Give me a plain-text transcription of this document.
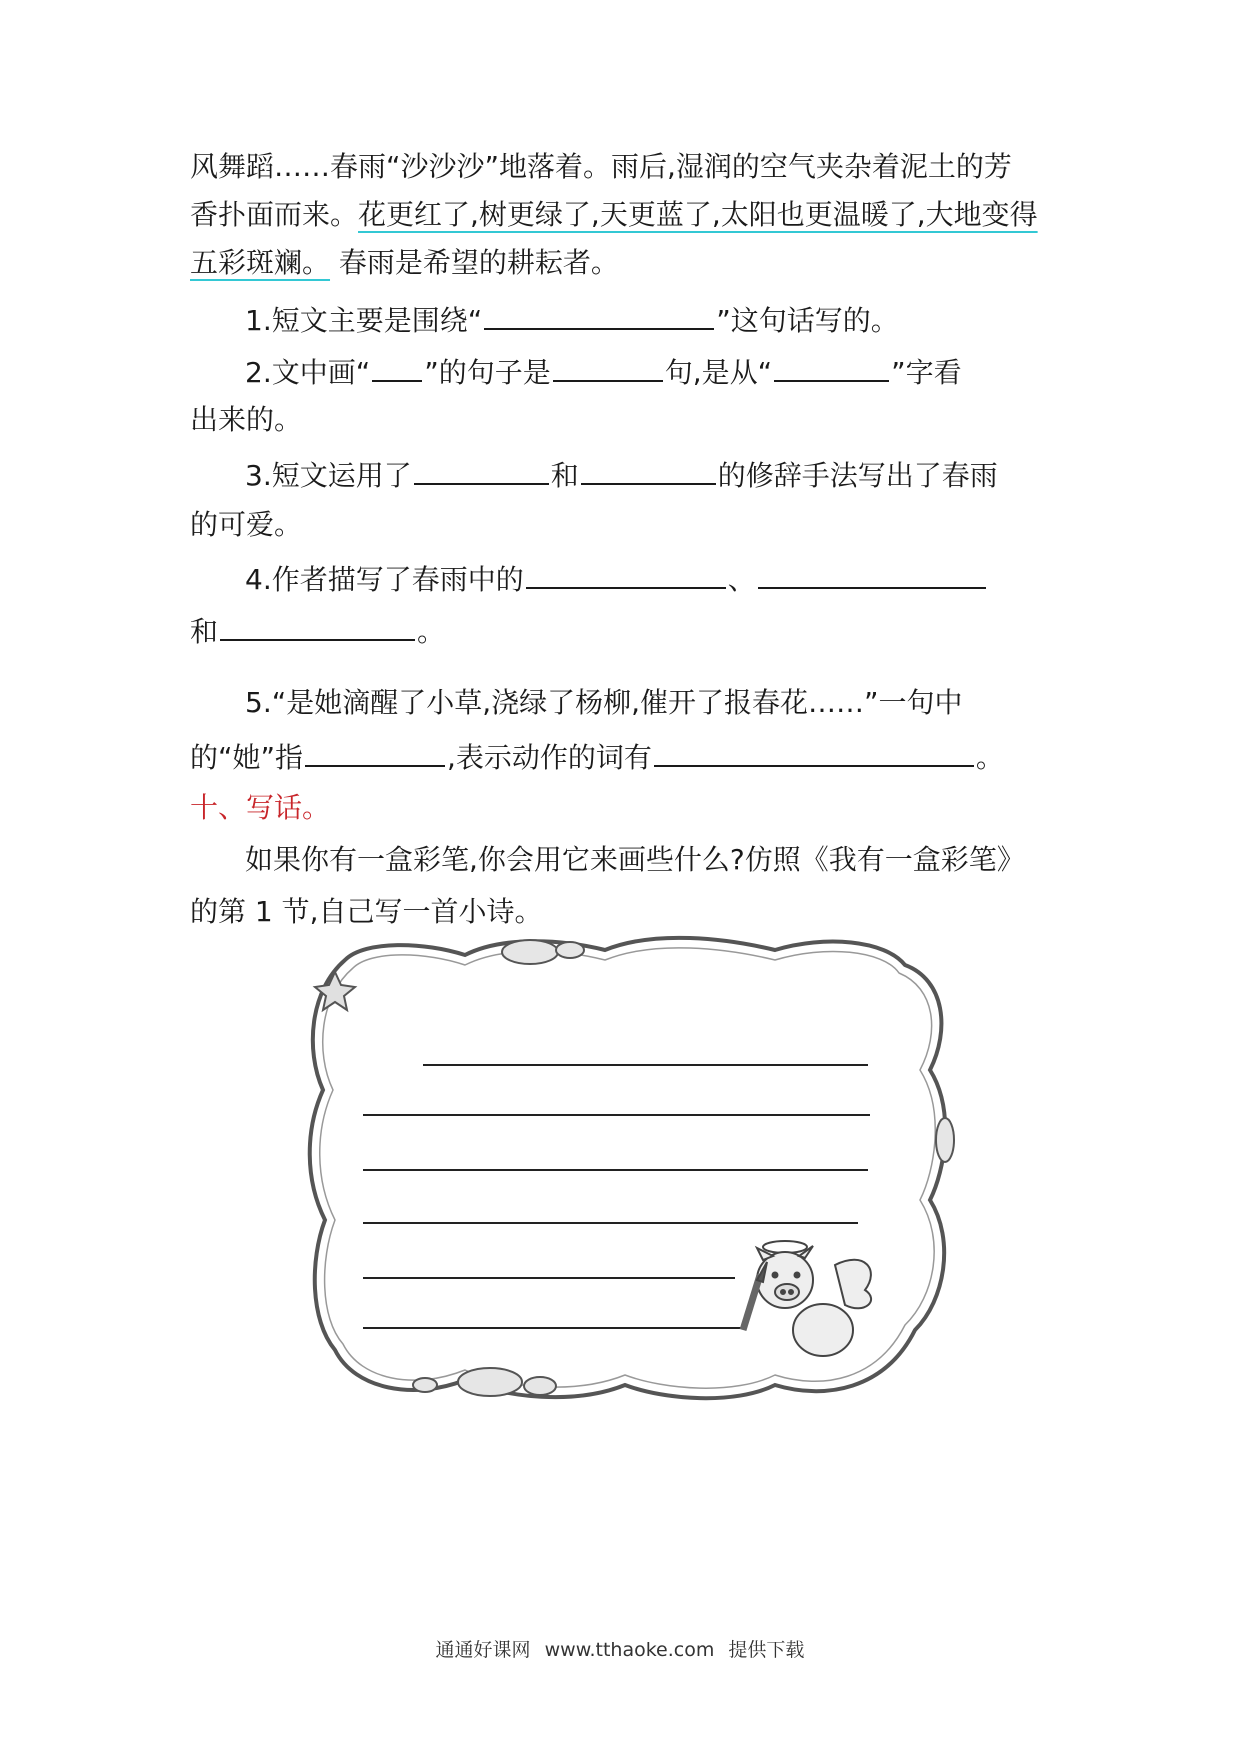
风舞蹈……春雨“沙沙沙”地落着。雨后,湿润的空气夹杂着泥土的芳
香扑面而来。花更红了,树更绿了,天更蓝了,太阳也更温暖了,大地变得
五彩斑斓。 春雨是希望的耕耘者。
1.短文主要是围绕“	”这句话写的。
2.文中画“ ”的句子是	句,是从“	”字看
出来的。
3.短文运用了	和	的修辞手法写出了春雨
的可爱。
4.作者描写了春雨中的	、
和	。
5.“是她滴醒了小草,浇绿了杨柳,催开了报春花……”一句中
的“她”指	,表示动作的词有	。
十、写话。
如果你有一盒彩笔,你会用它来画些什么?仿照《我有一盒彩笔》
的第 1 节,自己写一首小诗。
通通好课网 www.tthaoke.com 提供下载
